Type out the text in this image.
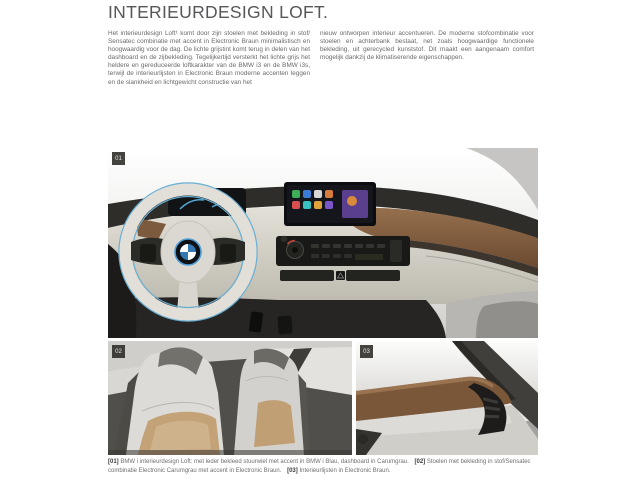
INTERIEURDESIGN LOFT.

Het interieurdesign Loft¹ komt door zijn stoelen met bekleding in stof/ Sensatec combinatie met accent in Electronic Braun minimalistisch en hoogwaardig voor de dag. De lichte grijstint komt terug in delen van het dashboard en de zijbekleding. Tegelijkertijd versterkt het lichte grijs het heldere en gereduceerde loftkarakter van de BMW i3 en de BMW i3s, terwijl de interieurlijsten in Electronic Braun moderne accenten leggen en de slankheid en lichtgewicht constructie van het

nieuw ontworpen interieur accentueren. De moderne stofcombinatie voor stoelen en achterbank bestaat, net zoals hoogwaardige functionele bekleding, uit gerecycled kunststof. Dit maakt een aangenaam comfort mogelijk dankzij de klimatiserende eigenschappen.

01
02	03

[01] BMW i interieurdesign Loft: met leder bekleed stuurwiel met accent in BMW i Blau, dashboard in Carumgrau. [02] Stoelen met bekleding in stof/Sensatec combinatie Electronic Carumgrau met accent in Electronic Braun. [03] Interieurlijsten in Electronic Braun.
